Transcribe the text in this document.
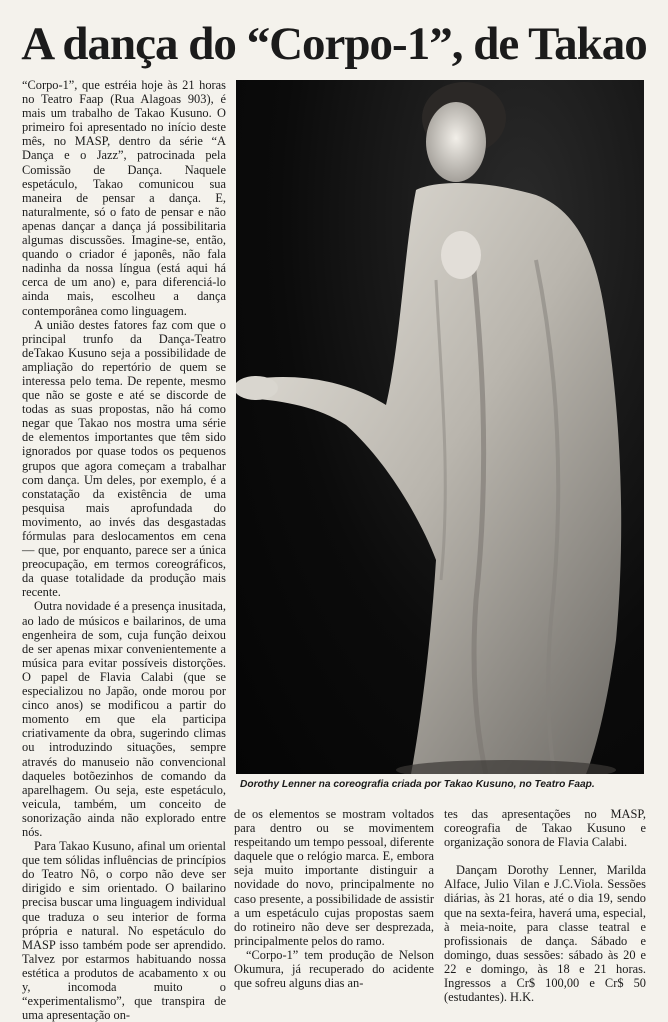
A dança do “Corpo-1”, de Takao

“Corpo-1”, que estréia hoje às 21 horas no Teatro Faap (Rua Alagoas 903), é mais um trabalho de Takao Kusuno. O primeiro foi apresentado no início deste mês, no MASP, dentro da série “A Dança e o Jazz”, patrocinada pela Comissão de Dança. Naquele espetáculo, Takao comunicou sua maneira de pensar a dança. E, naturalmente, só o fato de pensar e não apenas dançar a dança já possibilitaria algumas discussões. Imagine-se, então, quando o criador é japonês, não fala nadinha da nossa língua (está aqui há cerca de um ano) e, para diferenciá-lo ainda mais, escolheu a dança contemporânea como linguagem.

A união destes fatores faz com que o principal trunfo da Dança-Teatro deTakao Kusuno seja a possibilidade de ampliação do repertório de quem se interessa pelo tema. De repente, mesmo que não se goste e até se discorde de todas as suas propostas, não há como negar que Takao nos mostra uma série de elementos importantes que têm sido ignorados por quase todos os pequenos grupos que agora começam a trabalhar com dança. Um deles, por exemplo, é a constatação da existência de uma pesquisa mais aprofundada do movimento, ao invés das desgastadas fórmulas para deslocamentos em cena — que, por enquanto, parece ser a única preocupação, em termos coreográficos, da quase totalidade da produção mais recente.

Outra novidade é a presença inusitada, ao lado de músicos e bailarinos, de uma engenheira de som, cuja função deixou de ser apenas mixar convenientemente a música para evitar possíveis distorções. O papel de Flavia Calabi (que se especializou no Japão, onde morou por cinco anos) se modificou a partir do momento em que ela participa criativamente da obra, sugerindo climas ou introduzindo situações, sempre através do manuseio não convencional daqueles botõezinhos de comando da aparelhagem. Ou seja, este espetáculo, veicula, também, um conceito de sonorização ainda não explorado entre nós.

Para Takao Kusuno, afinal um oriental que tem sólidas influências de princípios do Teatro Nô, o corpo não deve ser dirigido e sim orientado. O bailarino precisa buscar uma linguagem individual que traduza o seu interior de forma própria e natural. No espetáculo do MASP isso também pode ser aprendido. Talvez por estarmos habituando nossa estética a produtos de acabamento x ou y, incomoda muito o “experimentalismo”, que transpira de uma apresentação on-

Dorothy Lenner na coreografia criada por Takao Kusuno, no Teatro Faap.

de os elementos se mostram voltados para dentro ou se movimentem respeitando um tempo pessoal, diferente daquele que o relógio marca. E, embora seja muito importante distinguir a novidade do novo, principalmente no caso presente, a possibilidade de assistir a um espetáculo cujas propostas saem do rotineiro não deve ser desprezada, principalmente pelos do ramo.

“Corpo-1” tem produção de Nelson Okumura, já recuperado do acidente que sofreu alguns dias an-

tes das apresentações no MASP, coreografia de Takao Kusuno e organização sonora de Flavia Calabi.

Dançam Dorothy Lenner, Marilda Alface, Julio Vilan e J.C.Viola. Sessões diárias, às 21 horas, até o dia 19, sendo que na sexta-feira, haverá uma, especial, à meia-noite, para classe teatral e profissionais de dança. Sábado e domingo, duas sessões: sábado às 20 e 22 e domingo, às 18 e 21 horas. Ingressos a Cr$ 100,00 e Cr$ 50 (estudantes). H.K.
